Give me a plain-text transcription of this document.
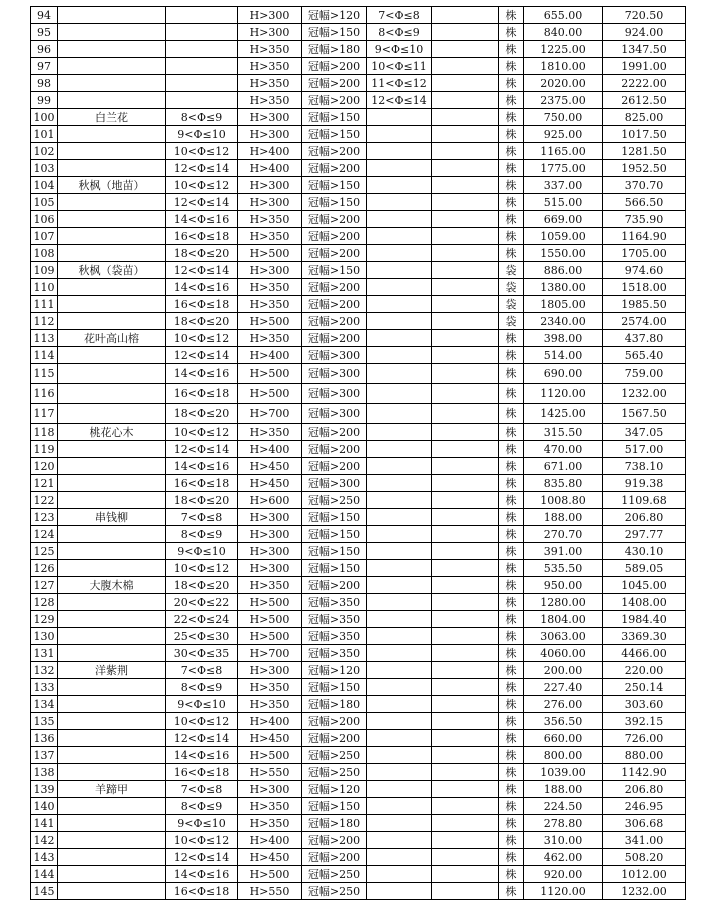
94			H>300	冠幅>120	7<Φ≤8		株	655.00	720.50
95			H>300	冠幅>150	8<Φ≤9		株	840.00	924.00
96			H>350	冠幅>180	9<Φ≤10		株	1225.00	1347.50
97			H>350	冠幅>200	10<Φ≤11		株	1810.00	1991.00
98			H>350	冠幅>200	11<Φ≤12		株	2020.00	2222.00
99			H>350	冠幅>200	12<Φ≤14		株	2375.00	2612.50
100	白兰花	8<Φ≤9	H>300	冠幅>150			株	750.00	825.00
101		9<Φ≤10	H>300	冠幅>150			株	925.00	1017.50
102		10<Φ≤12	H>400	冠幅>200			株	1165.00	1281.50
103		12<Φ≤14	H>400	冠幅>200			株	1775.00	1952.50
104	秋枫（地苗）	10<Φ≤12	H>300	冠幅>150			株	337.00	370.70
105		12<Φ≤14	H>300	冠幅>150			株	515.00	566.50
106		14<Φ≤16	H>350	冠幅>200			株	669.00	735.90
107		16<Φ≤18	H>350	冠幅>200			株	1059.00	1164.90
108		18<Φ≤20	H>500	冠幅>200			株	1550.00	1705.00
109	秋枫（袋苗）	12<Φ≤14	H>300	冠幅>150			袋	886.00	974.60
110		14<Φ≤16	H>350	冠幅>200			袋	1380.00	1518.00
111		16<Φ≤18	H>350	冠幅>200			袋	1805.00	1985.50
112		18<Φ≤20	H>500	冠幅>200			袋	2340.00	2574.00
113	花叶高山榕	10<Φ≤12	H>350	冠幅>200			株	398.00	437.80
114		12<Φ≤14	H>400	冠幅>300			株	514.00	565.40
115		14<Φ≤16	H>500	冠幅>300			株	690.00	759.00
116		16<Φ≤18	H>500	冠幅>300			株	1120.00	1232.00
117		18<Φ≤20	H>700	冠幅>300			株	1425.00	1567.50
118	桃花心木	10<Φ≤12	H>350	冠幅>200			株	315.50	347.05
119		12<Φ≤14	H>400	冠幅>200			株	470.00	517.00
120		14<Φ≤16	H>450	冠幅>200			株	671.00	738.10
121		16<Φ≤18	H>450	冠幅>300			株	835.80	919.38
122		18<Φ≤20	H>600	冠幅>250			株	1008.80	1109.68
123	串钱柳	7<Φ≤8	H>300	冠幅>150			株	188.00	206.80
124		8<Φ≤9	H>300	冠幅>150			株	270.70	297.77
125		9<Φ≤10	H>300	冠幅>150			株	391.00	430.10
126		10<Φ≤12	H>300	冠幅>150			株	535.50	589.05
127	大腹木棉	18<Φ≤20	H>350	冠幅>200			株	950.00	1045.00
128		20<Φ≤22	H>500	冠幅>350			株	1280.00	1408.00
129		22<Φ≤24	H>500	冠幅>350			株	1804.00	1984.40
130		25<Φ≤30	H>500	冠幅>350			株	3063.00	3369.30
131		30<Φ≤35	H>700	冠幅>350			株	4060.00	4466.00
132	洋紫荆	7<Φ≤8	H>300	冠幅>120			株	200.00	220.00
133		8<Φ≤9	H>350	冠幅>150			株	227.40	250.14
134		9<Φ≤10	H>350	冠幅>180			株	276.00	303.60
135		10<Φ≤12	H>400	冠幅>200			株	356.50	392.15
136		12<Φ≤14	H>450	冠幅>200			株	660.00	726.00
137		14<Φ≤16	H>500	冠幅>250			株	800.00	880.00
138		16<Φ≤18	H>550	冠幅>250			株	1039.00	1142.90
139	羊蹄甲	7<Φ≤8	H>300	冠幅>120			株	188.00	206.80
140		8<Φ≤9	H>350	冠幅>150			株	224.50	246.95
141		9<Φ≤10	H>350	冠幅>180			株	278.80	306.68
142		10<Φ≤12	H>400	冠幅>200			株	310.00	341.00
143		12<Φ≤14	H>450	冠幅>200			株	462.00	508.20
144		14<Φ≤16	H>500	冠幅>250			株	920.00	1012.00
145		16<Φ≤18	H>550	冠幅>250			株	1120.00	1232.00
